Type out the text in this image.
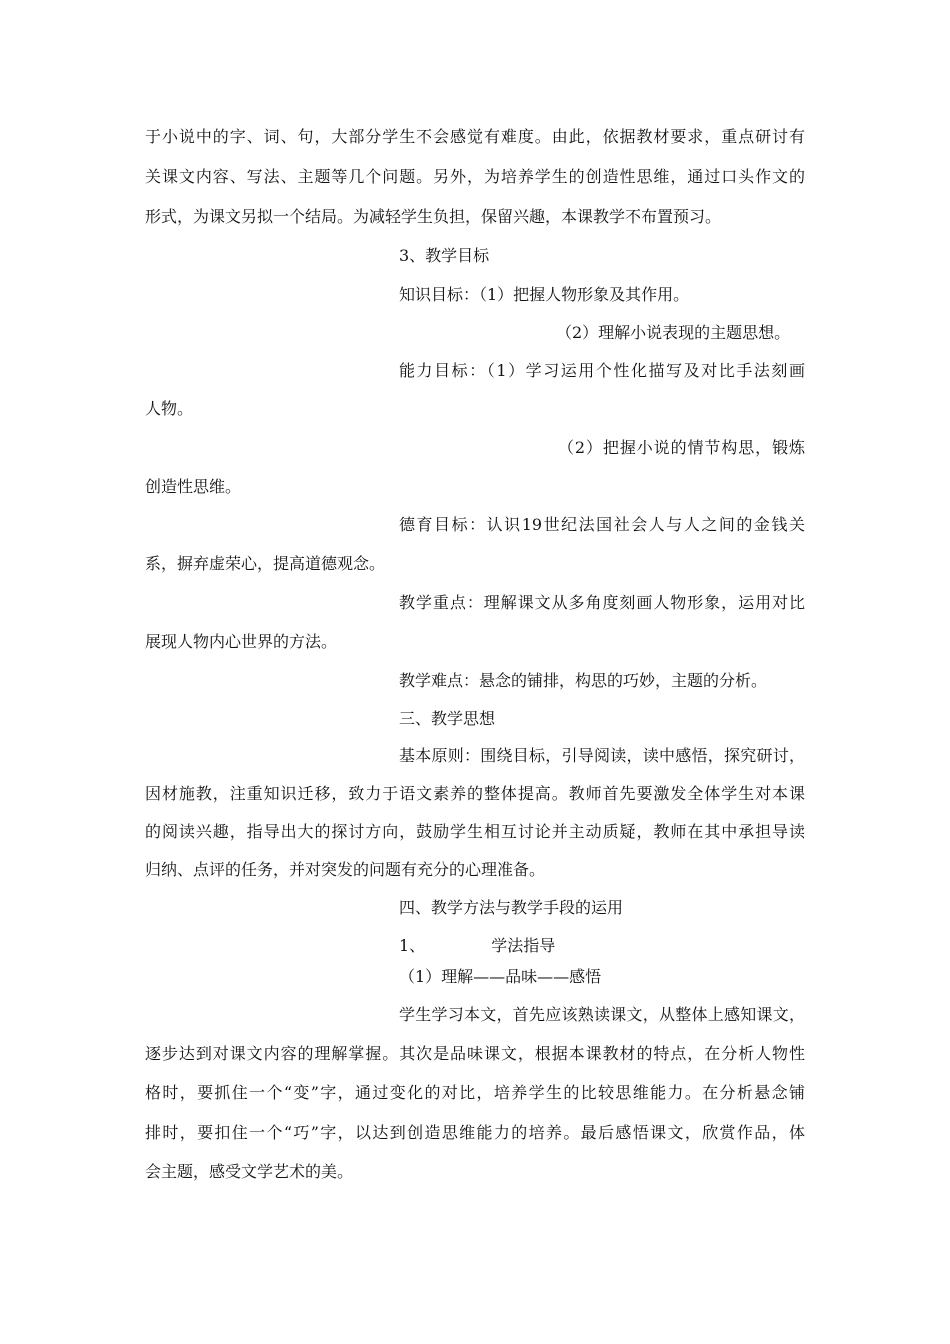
于小说中的字、词、句，大部分学生不会感觉有难度。由此，依据教材要求，重点研讨有
关课文内容、写法、主题等几个问题。另外，为培养学生的创造性思维，通过口头作文的
形式，为课文另拟一个结局。为减轻学生负担，保留兴趣，本课教学不布置预习。
3、教学目标
知识目标：（1）把握人物形象及其作用。
（2）理解小说表现的主题思想。
能力目标：（1）学习运用个性化描写及对比手法刻画
人物。
（2）把握小说的情节构思，锻炼
创造性思维。
德育目标：认识19世纪法国社会人与人之间的金钱关
系，摒弃虚荣心，提高道德观念。
教学重点：理解课文从多角度刻画人物形象，运用对比
展现人物内心世界的方法。
教学难点：悬念的铺排，构思的巧妙，主题的分析。
三、教学思想
基本原则：围绕目标，引导阅读，读中感悟，探究研讨，
因材施教，注重知识迁移，致力于语文素养的整体提高。教师首先要激发全体学生对本课
的阅读兴趣，指导出大的探讨方向，鼓励学生相互讨论并主动质疑，教师在其中承担导读
归纳、点评的任务，并对突发的问题有充分的心理准备。
四、教学方法与教学手段的运用
1、	学法指导
（1）理解——品味——感悟
学生学习本文，首先应该熟读课文，从整体上感知课文，
逐步达到对课文内容的理解掌握。其次是品味课文，根据本课教材的特点，在分析人物性
格时，要抓住一个“变”字，通过变化的对比，培养学生的比较思维能力。在分析悬念铺
排时，要扣住一个“巧”字，以达到创造思维能力的培养。最后感悟课文，欣赏作品，体
会主题，感受文学艺术的美。
